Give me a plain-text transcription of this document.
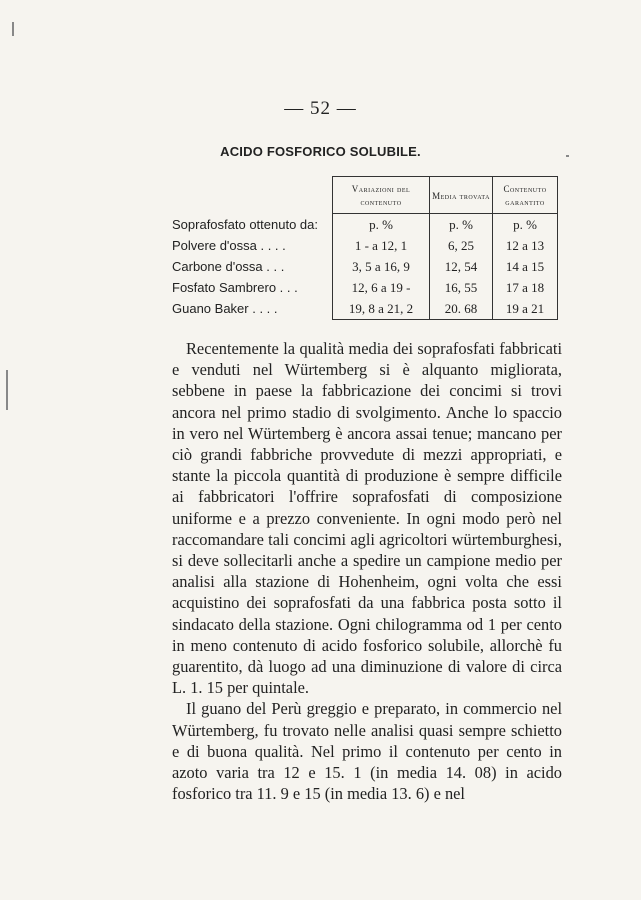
— 52 —
ACIDO FOSFORICO SOLUBILE.
	Variazioni del contenuto	Media trovata	Contenuto garantito
Soprafosfato ottenuto da:	p. %	p. %	p. %
Polvere d'ossa . . . .	1 - a 12, 1	6, 25	12 a 13
Carbone d'ossa . . .	3, 5 a 16, 9	12, 54	14 a 15
Fosfato Sambrero . . .	12, 6 a 19 -	16, 55	17 a 18
Guano Baker . . . .	19, 8 a 21, 2	20. 68	19 a 21

Recentemente la qualità media dei soprafosfati fabbricati e venduti nel Würtemberg si è alquanto migliorata, sebbene in paese la fabbricazione dei concimi si trovi ancora nel primo stadio di svolgimento. Anche lo spaccio in vero nel Würtemberg è ancora assai tenue; mancano per ciò grandi fabbriche provvedute di mezzi appropriati, e stante la piccola quantità di produzione è sempre difficile ai fabbricatori l'offrire soprafosfati di composizione uniforme e a prezzo conveniente. In ogni modo però nel raccomandare tali concimi agli agricoltori würtemburghesi, si deve sollecitarli anche a spedire un campione medio per analisi alla stazione di Hohenheim, ogni volta che essi acquistino dei soprafosfati da una fabbrica posta sotto il sindacato della stazione. Ogni chilogramma od 1 per cento in meno contenuto di acido fosforico solubile, allorchè fu guarentito, dà luogo ad una diminuzione di valore di circa L. 1. 15 per quintale.

Il guano del Perù greggio e preparato, in commercio nel Würtemberg, fu trovato nelle analisi quasi sempre schietto e di buona qualità. Nel primo il contenuto per cento in azoto varia tra 12 e 15. 1 (in media 14. 08) in acido fosforico tra 11. 9 e 15 (in media 13. 6) e nel
